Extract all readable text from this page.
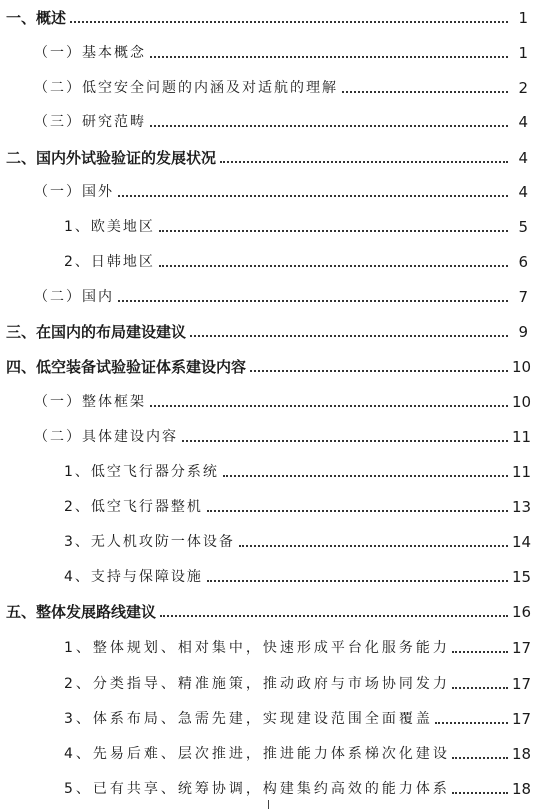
一、概述	1
（一）基本概念	1
（二）低空安全问题的内涵及对适航的理解	2
（三）研究范畴	4
二、国内外试验验证的发展状况	4
（一）国外	4
1、欧美地区	5
2、日韩地区	6
（二）国内	7
三、在国内的布局建设建议	9
四、低空装备试验验证体系建设内容	10
（一）整体框架	10
（二）具体建设内容	11
1、低空飞行器分系统	11
2、低空飞行器整机	13
3、无人机攻防一体设备	14
4、支持与保障设施	15
五、整体发展路线建议	16
1、整体规划、相对集中，快速形成平台化服务能力	17
2、分类指导、精准施策，推动政府与市场协同发力	17
3、体系布局、急需先建，实现建设范围全面覆盖	17
4、先易后难、层次推进，推进能力体系梯次化建设	18
5、已有共享、统筹协调，构建集约高效的能力体系	18
